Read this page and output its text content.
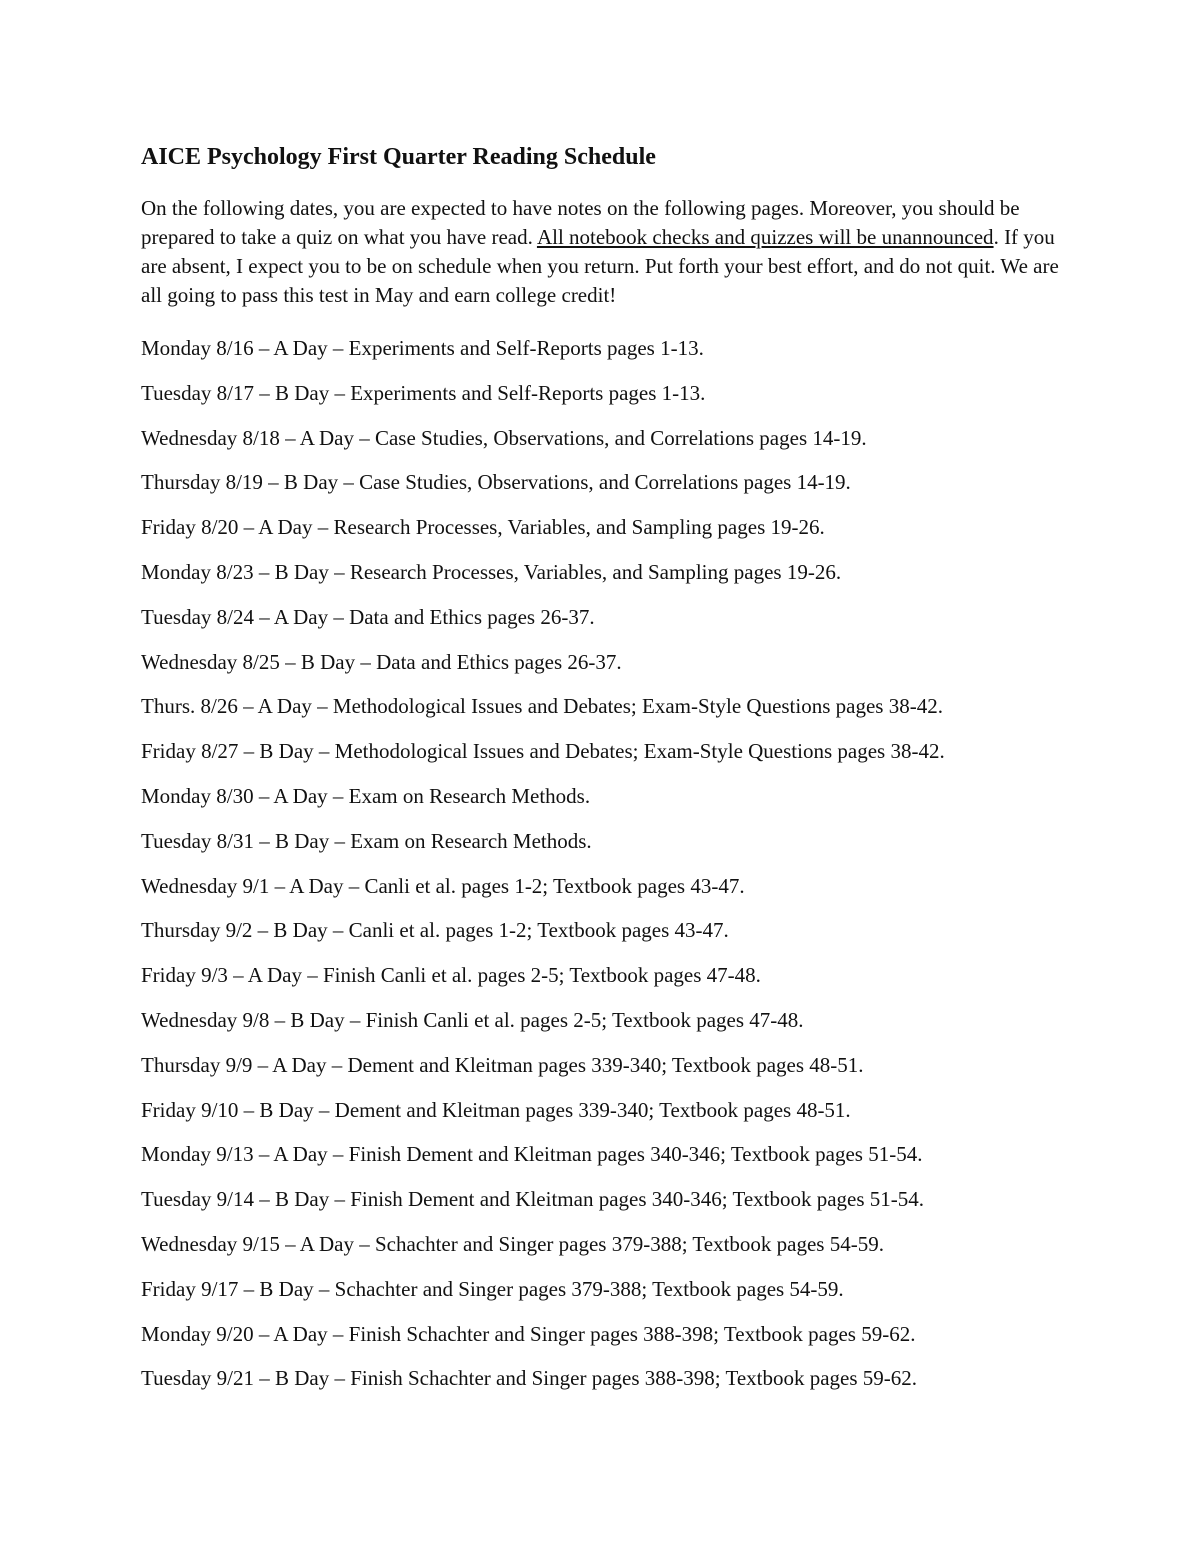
AICE Psychology First Quarter Reading Schedule

On the following dates, you are expected to have notes on the following pages. Moreover, you should be prepared to take a quiz on what you have read. All notebook checks and quizzes will be unannounced. If you are absent, I expect you to be on schedule when you return. Put forth your best effort, and do not quit. We are all going to pass this test in May and earn college credit!

Monday 8/16 – A Day – Experiments and Self-Reports pages 1-13.
Tuesday 8/17 – B Day – Experiments and Self-Reports pages 1-13.
Wednesday 8/18 – A Day – Case Studies, Observations, and Correlations pages 14-19.
Thursday 8/19 – B Day – Case Studies, Observations, and Correlations pages 14-19.
Friday 8/20 – A Day – Research Processes, Variables, and Sampling pages 19-26.
Monday 8/23 – B Day – Research Processes, Variables, and Sampling pages 19-26.
Tuesday 8/24 – A Day – Data and Ethics pages 26-37.
Wednesday 8/25 – B Day – Data and Ethics pages 26-37.
Thurs. 8/26 – A Day – Methodological Issues and Debates; Exam-Style Questions pages 38-42.
Friday 8/27 – B Day – Methodological Issues and Debates; Exam-Style Questions pages 38-42.
Monday 8/30 – A Day – Exam on Research Methods.
Tuesday 8/31 – B Day – Exam on Research Methods.
Wednesday 9/1 – A Day – Canli et al. pages 1-2; Textbook pages 43-47.
Thursday 9/2 – B Day – Canli et al. pages 1-2; Textbook pages 43-47.
Friday 9/3 – A Day – Finish Canli et al. pages 2-5; Textbook pages 47-48.
Wednesday 9/8 – B Day – Finish Canli et al. pages 2-5; Textbook pages 47-48.
Thursday 9/9 – A Day – Dement and Kleitman pages 339-340; Textbook pages 48-51.
Friday 9/10 – B Day – Dement and Kleitman pages 339-340; Textbook pages 48-51.
Monday 9/13 – A Day – Finish Dement and Kleitman pages 340-346; Textbook pages 51-54.
Tuesday 9/14 – B Day – Finish Dement and Kleitman pages 340-346; Textbook pages 51-54.
Wednesday 9/15 – A Day – Schachter and Singer pages 379-388; Textbook pages 54-59.
Friday 9/17 – B Day – Schachter and Singer pages 379-388; Textbook pages 54-59.
Monday 9/20 – A Day – Finish Schachter and Singer pages 388-398; Textbook pages 59-62.
Tuesday 9/21 – B Day – Finish Schachter and Singer pages 388-398; Textbook pages 59-62.
